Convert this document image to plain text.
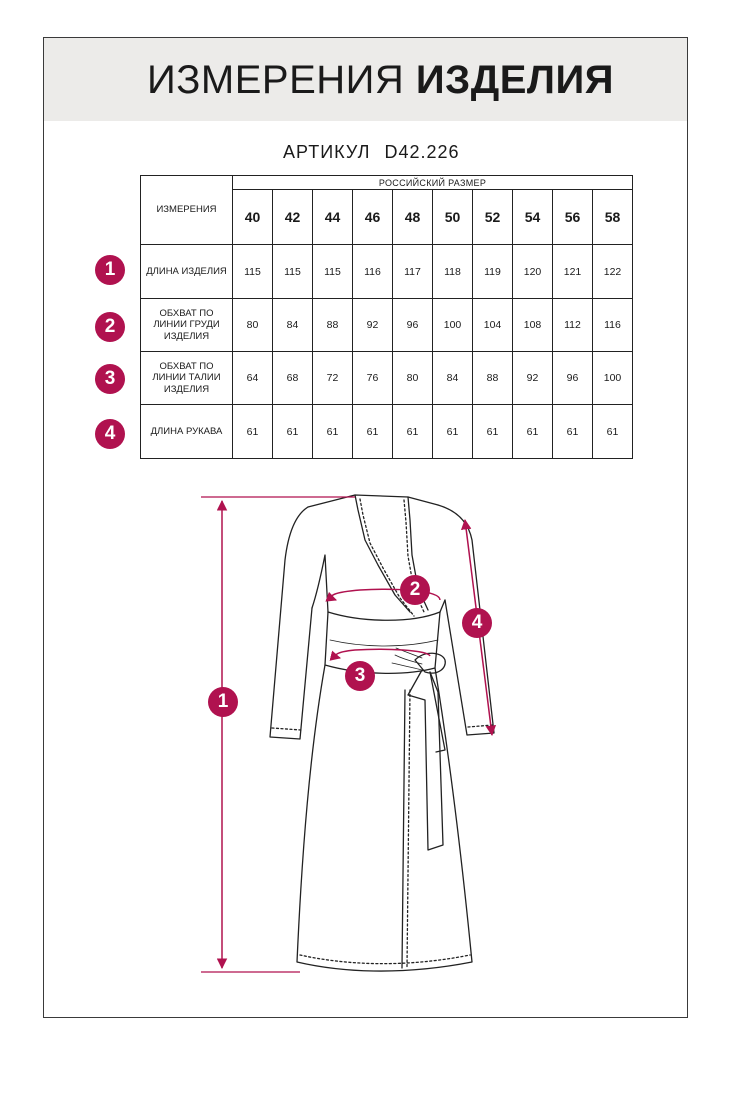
ИЗМЕРЕНИЯ ИЗДЕЛИЯ
АРТИКУЛ D42.226
ИЗМЕРЕНИЯ	РОССИЙСКИЙ РАЗМЕР									
	40	42	44	46	48	50	52	54	56	58
ДЛИНА ИЗДЕЛИЯ	115	115	115	116	117	118	119	120	121	122

ОБХВАТ ПО
ЛИНИИ ГРУДИ
ИЗДЕЛИЯ	80	84	88	92	96	100	104	108	112	116

ОБХВАТ ПО
ЛИНИИ ТАЛИИ
ИЗДЕЛИЯ	64	68	72	76	80	84	88	92	96	100
ДЛИНА РУКАВА	61	61	61	61	61	61	61	61	61	61
1
2
3
4
1
2
3
4
